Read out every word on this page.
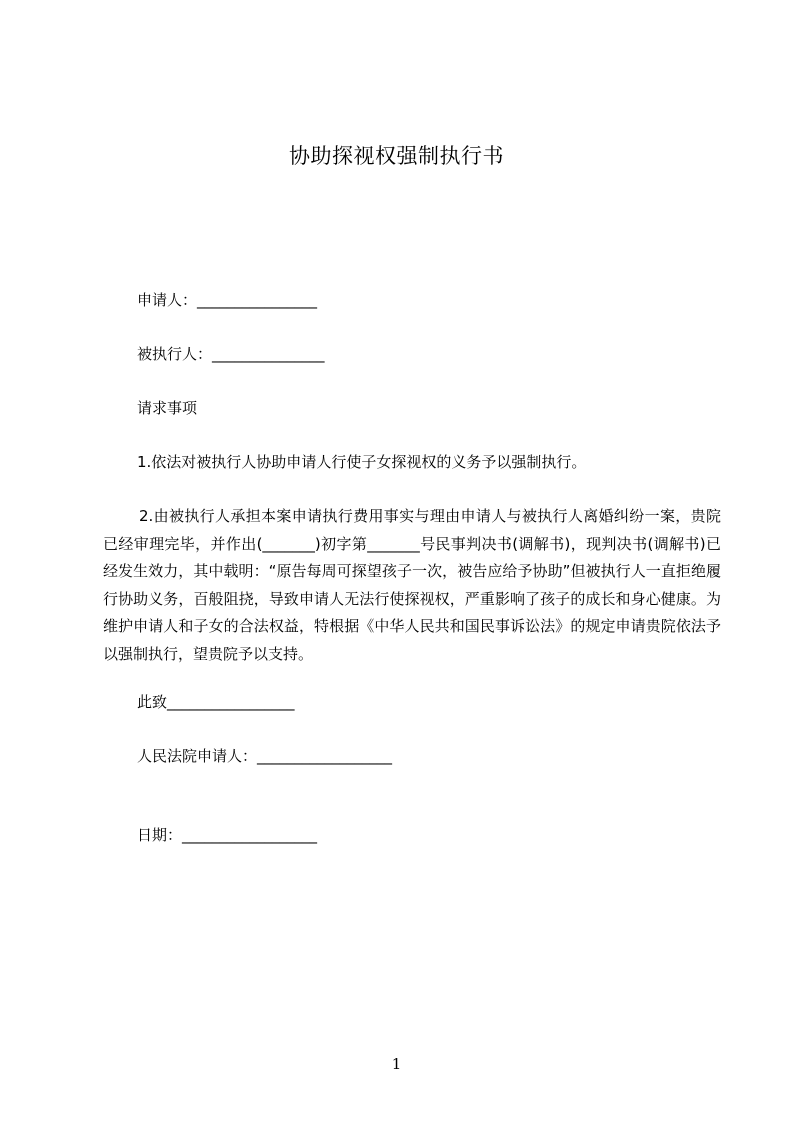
协助探视权强制执行书
申请人：________________
被执行人：_______________
请求事项
1.依法对被执行人协助申请人行使子女探视权的义务予以强制执行。
2.由被执行人承担本案申请执行费用事实与理由申请人与被执行人离婚纠纷一案，贵院已经审理完毕，并作出(_______)初字第_______号民事判决书(调解书)，现判决书(调解书)已经发生效力，其中载明：“原告每周可探望孩子一次，被告应给予协助”但被执行人一直拒绝履行协助义务，百般阻挠，导致申请人无法行使探视权，严重影响了孩子的成长和身心健康。为维护申请人和子女的合法权益，特根据《中华人民共和国民事诉讼法》的规定申请贵院依法予以强制执行，望贵院予以支持。
此致_________________
人民法院申请人：__________________
日期：__________________
1
